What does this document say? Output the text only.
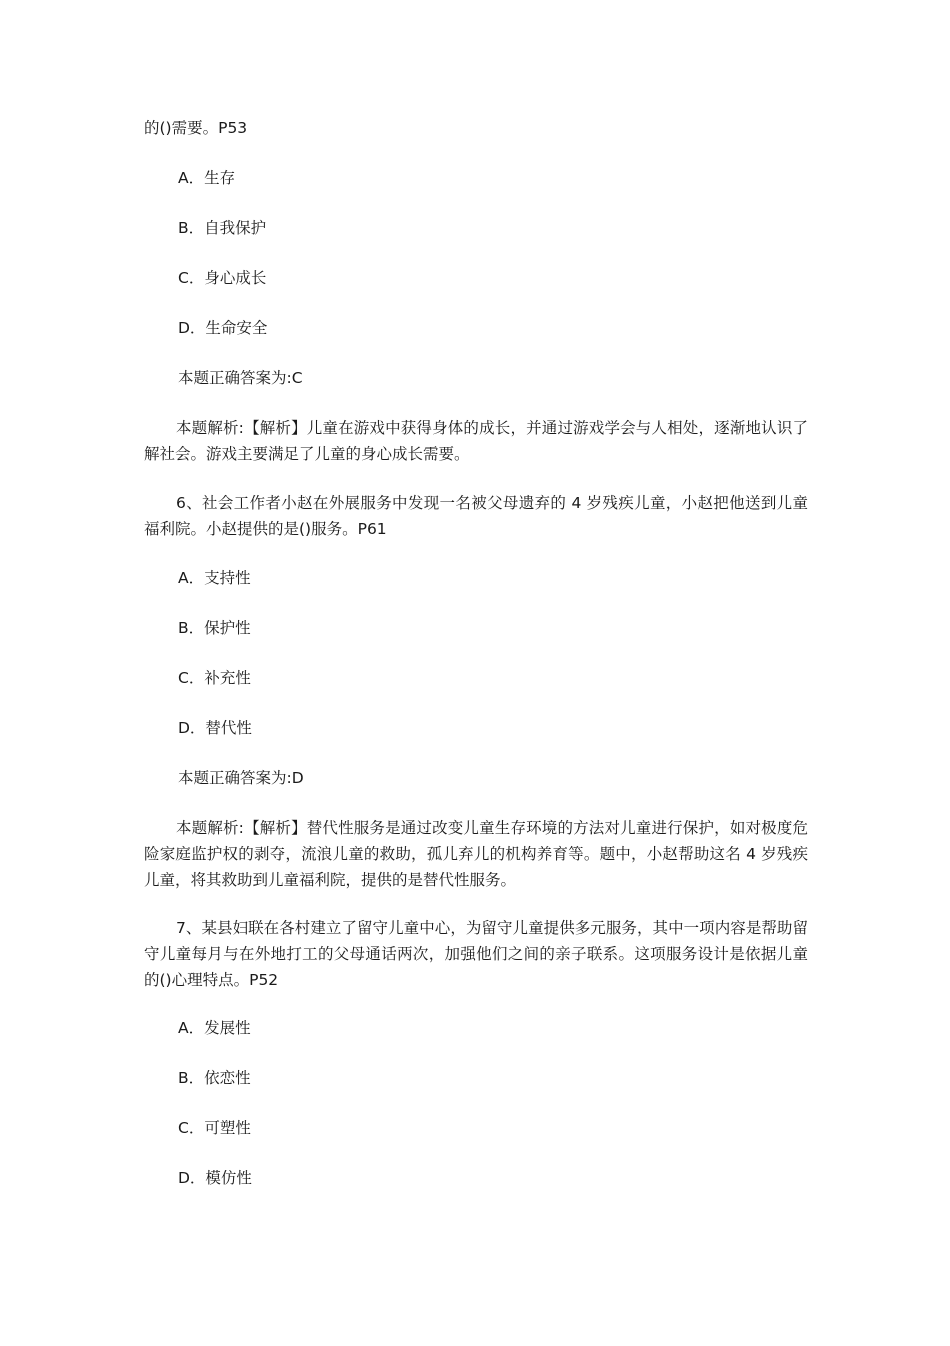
的()需要。P53
A．生存
B．自我保护
C．身心成长
D．生命安全
本题正确答案为:C
本题解析:【解析】儿童在游戏中获得身体的成长，并通过游戏学会与人相处，逐渐地认识了解社会。游戏主要满足了儿童的身心成长需要。
6、社会工作者小赵在外展服务中发现一名被父母遗弃的 4 岁残疾儿童，小赵把他送到儿童福利院。小赵提供的是()服务。P61
A．支持性
B．保护性
C．补充性
D．替代性
本题正确答案为:D
本题解析:【解析】替代性服务是通过改变儿童生存环境的方法对儿童进行保护，如对极度危险家庭监护权的剥夺，流浪儿童的救助，孤儿弃儿的机构养育等。题中，小赵帮助这名 4 岁残疾儿童，将其救助到儿童福利院，提供的是替代性服务。
7、某县妇联在各村建立了留守儿童中心，为留守儿童提供多元服务，其中一项内容是帮助留守儿童每月与在外地打工的父母通话两次，加强他们之间的亲子联系。这项服务设计是依据儿童的()心理特点。P52
A．发展性
B．依恋性
C．可塑性
D．模仿性
